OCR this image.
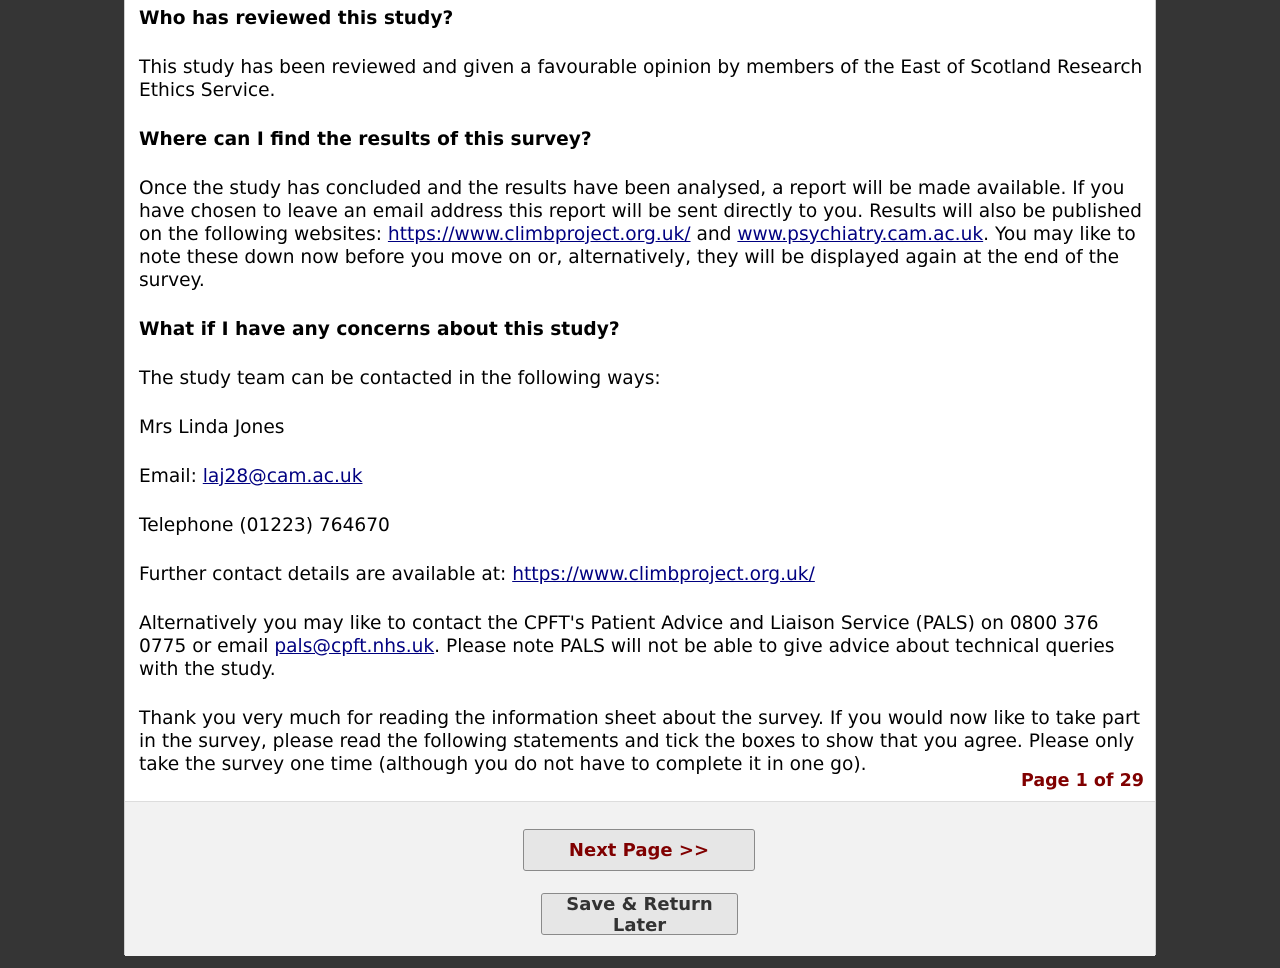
Who has reviewed this study?

This study has been reviewed and given a favourable opinion by members of the East of Scotland Research Ethics Service.

Where can I find the results of this survey?

Once the study has concluded and the results have been analysed, a report will be made available. If you have chosen to leave an email address this report will be sent directly to you. Results will also be published on the following websites: https://www.climbproject.org.uk/ and www.psychiatry.cam.ac.uk. You may like to note these down now before you move on or, alternatively, they will be displayed again at the end of the survey.

What if I have any concerns about this study?

The study team can be contacted in the following ways:

Mrs Linda Jones

Email: laj28@cam.ac.uk

Telephone (01223) 764670

Further contact details are available at: https://www.climbproject.org.uk/

Alternatively you may like to contact the CPFT's Patient Advice and Liaison Service (PALS) on 0800 376 0775 or email pals@cpft.nhs.uk. Please note PALS will not be able to give advice about technical queries with the study.

Thank you very much for reading the information sheet about the survey. If you would now like to take part in the survey, please read the following statements and tick the boxes to show that you agree. Please only take the survey one time (although you do not have to complete it in one go).

Page 1 of 29
Next Page >>
Save & Return Later
